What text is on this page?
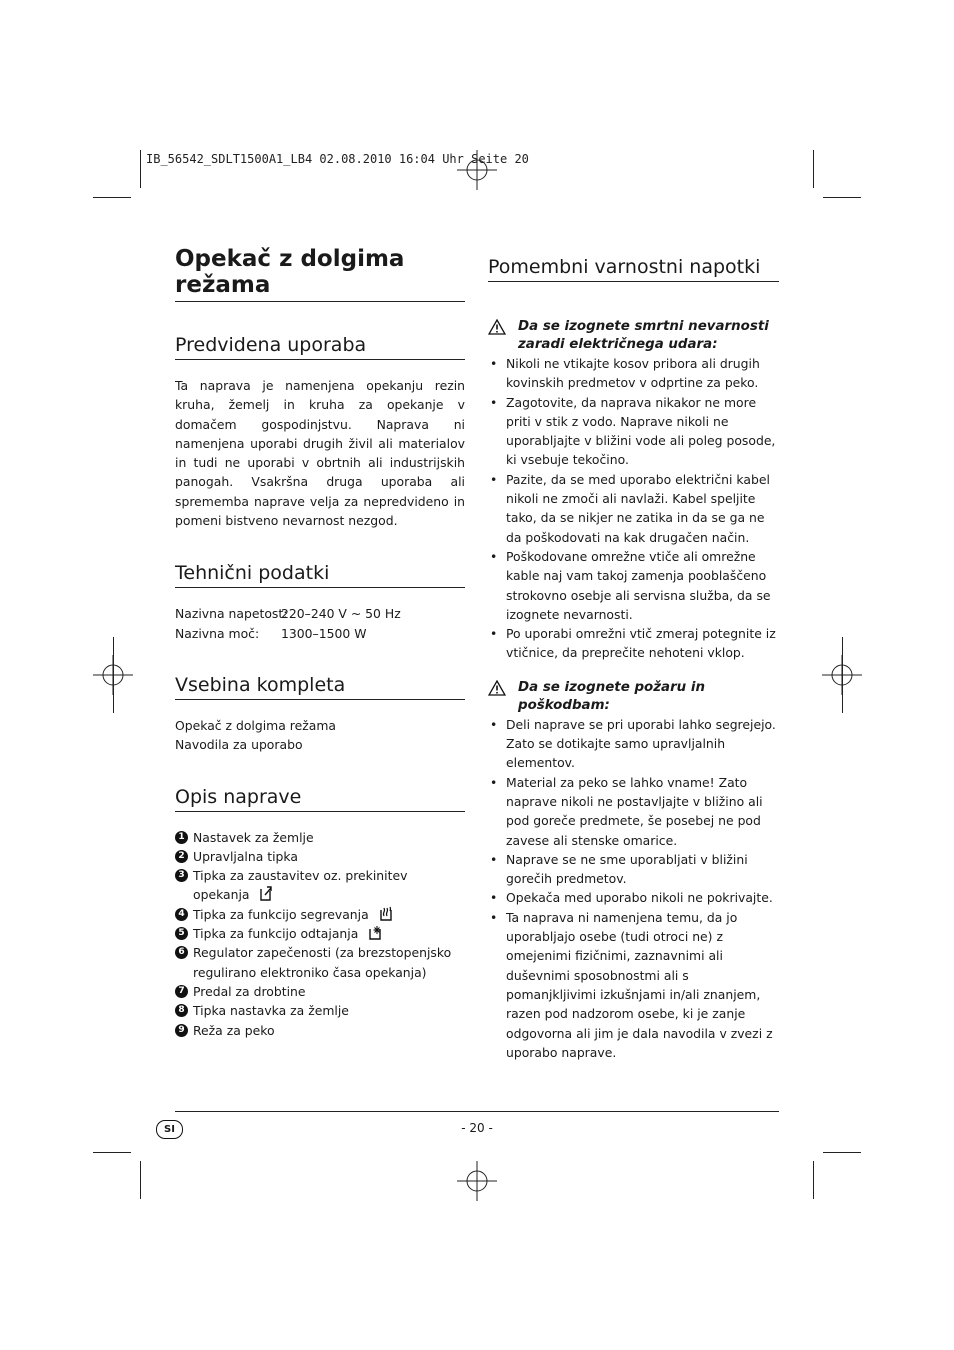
IB_56542_SDLT1500A1_LB4 02.08.2010 16:04 Uhr Seite 20
Opekač z dolgima režama
Predvidena uporaba

Ta naprava je namenjena opekanju rezin kruha, žemelj in kruha za opekanje v domačem gospodinjstvu. Naprava ni namenjena uporabi drugih živil ali materialov in tudi ne uporabi v obrtnih ali industrijskih panogah. Vsakršna druga uporaba ali sprememba naprave velja za nepredvideno in pomeni bistveno nevarnost nezgod.

Tehnični podatki
Nazivna napetost:
220–240 V ~ 50 Hz
Nazivna moč:	1300–1500 W
Vsebina kompleta
Opekač z dolgima režama
Navodila za uporabo
Opis naprave
1 Nastavek za žemlje
2 Upravljalna tipka
3 Tipka za zaustavitev oz. prekinitev opekanja
4 Tipka za funkcijo segrevanja
5 Tipka za funkcijo odtajanja
6 Regulator zapečenosti (za brezstopenjsko regulirano elektroniko časa opekanja)
7 Predal za drobtine
8 Tipka nastavka za žemlje
9 Reža za peko
Pomembni varnostni napotki
Da se izognete smrtni nevarnosti zaradi električnega udara:
• Nikoli ne vtikajte kosov pribora ali drugih kovinskih predmetov v odprtine za peko.
• Zagotovite, da naprava nikakor ne more priti v stik z vodo. Naprave nikoli ne uporabljajte v bližini vode ali poleg posode, ki vsebuje tekočino.
• Pazite, da se med uporabo električni kabel nikoli ne zmoči ali navlaži. Kabel speljite tako, da se nikjer ne zatika in da se ga ne da poškodovati na kak drugačen način.
• Poškodovane omrežne vtiče ali omrežne kable naj vam takoj zamenja pooblaščeno strokovno osebje ali servisna služba, da se izognete nevarnosti.
• Po uporabi omrežni vtič zmeraj potegnite iz vtičnice, da preprečite nehoteni vklop.
Da se izognete požaru in poškodbam:
• Deli naprave se pri uporabi lahko segrejejo. Zato se dotikajte samo upravljalnih elementov.
• Material za peko se lahko vname! Zato naprave nikoli ne postavljajte v bližino ali pod goreče predmete, še posebej ne pod zavese ali stenske omarice.
• Naprave se ne sme uporabljati v bližini gorečih predmetov.
• Opekača med uporabo nikoli ne pokrivajte.
• Ta naprava ni namenjena temu, da jo uporabljajo osebe (tudi otroci ne) z omejenimi fizičnimi, zaznavnimi ali duševnimi sposobnostmi ali s pomanjkljivimi izkušnjami in/ali znanjem, razen pod nadzorom osebe, ki je zanje odgovorna ali jim je dala navodila v zvezi z uporabo naprave.
SI	- 20 -
